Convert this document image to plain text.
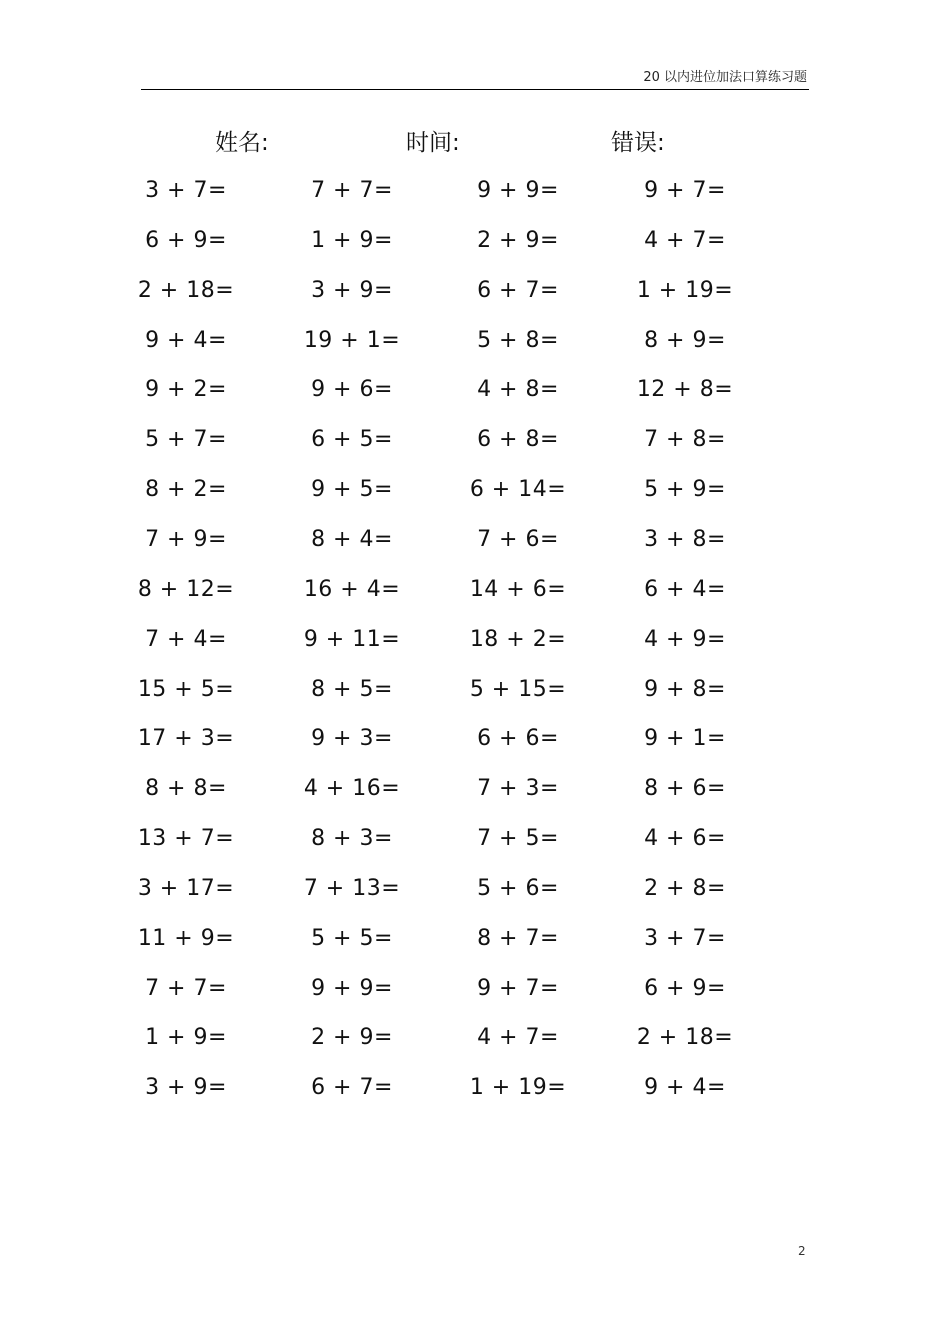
20 以内进位加法口算练习题
姓名:	时间:	错误:
3 + 7=	7 + 7=	9 + 9=	9 + 7=
6 + 9=	1 + 9=	2 + 9=	4 + 7=
2 + 18=	3 + 9=	6 + 7=	1 + 19=
9 + 4=	19 + 1=	5 + 8=	8 + 9=
9 + 2=	9 + 6=	4 + 8=	12 + 8=
5 + 7=	6 + 5=	6 + 8=	7 + 8=
8 + 2=	9 + 5=	6 + 14=	5 + 9=
7 + 9=	8 + 4=	7 + 6=	3 + 8=
8 + 12=	16 + 4=	14 + 6=	6 + 4=
7 + 4=	9 + 11=	18 + 2=	4 + 9=
15 + 5=	8 + 5=	5 + 15=	9 + 8=
17 + 3=	9 + 3=	6 + 6=	9 + 1=
8 + 8=	4 + 16=	7 + 3=	8 + 6=
13 + 7=	8 + 3=	7 + 5=	4 + 6=
3 + 17=	7 + 13=	5 + 6=	2 + 8=
11 + 9=	5 + 5=	8 + 7=	3 + 7=
7 + 7=	9 + 9=	9 + 7=	6 + 9=
1 + 9=	2 + 9=	4 + 7=	2 + 18=
3 + 9=	6 + 7=	1 + 19=	9 + 4=
2
